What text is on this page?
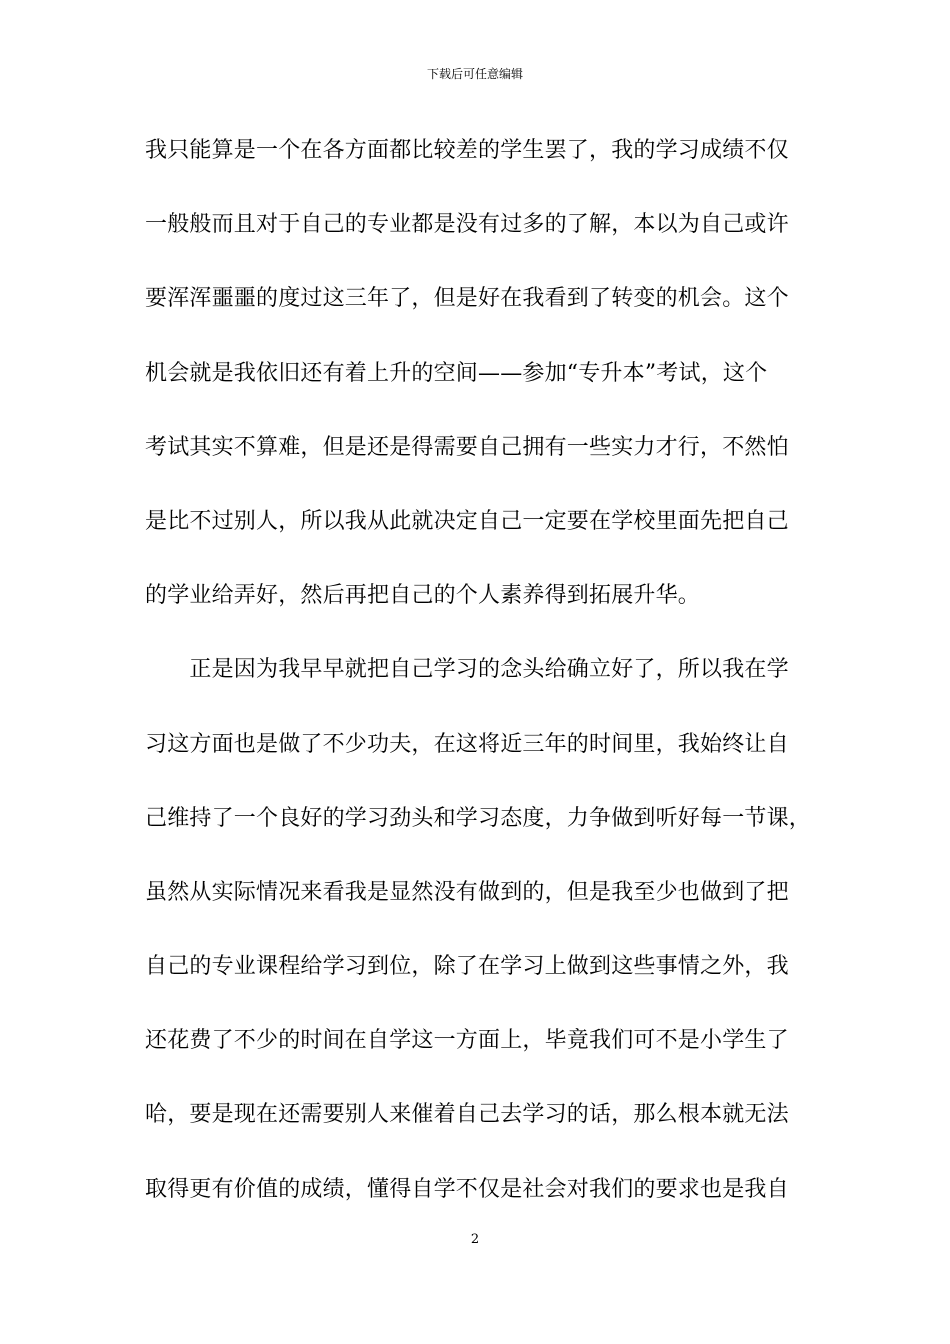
下载后可任意编辑
我只能算是一个在各方面都比较差的学生罢了，我的学习成绩不仅
一般般而且对于自己的专业都是没有过多的了解，本以为自己或许
要浑浑噩噩的度过这三年了，但是好在我看到了转变的机会。这个
机会就是我依旧还有着上升的空间——参加“专升本”考试，这个
考试其实不算难，但是还是得需要自己拥有一些实力才行，不然怕
是比不过别人，所以我从此就决定自己一定要在学校里面先把自己
的学业给弄好，然后再把自己的个人素养得到拓展升华。
　　正是因为我早早就把自己学习的念头给确立好了，所以我在学
习这方面也是做了不少功夫，在这将近三年的时间里，我始终让自
己维持了一个良好的学习劲头和学习态度，力争做到听好每一节课，
虽然从实际情况来看我是显然没有做到的，但是我至少也做到了把
自己的专业课程给学习到位，除了在学习上做到这些事情之外，我
还花费了不少的时间在自学这一方面上，毕竟我们可不是小学生了
哈，要是现在还需要别人来催着自己去学习的话，那么根本就无法
取得更有价值的成绩，懂得自学不仅是社会对我们的要求也是我自
2
